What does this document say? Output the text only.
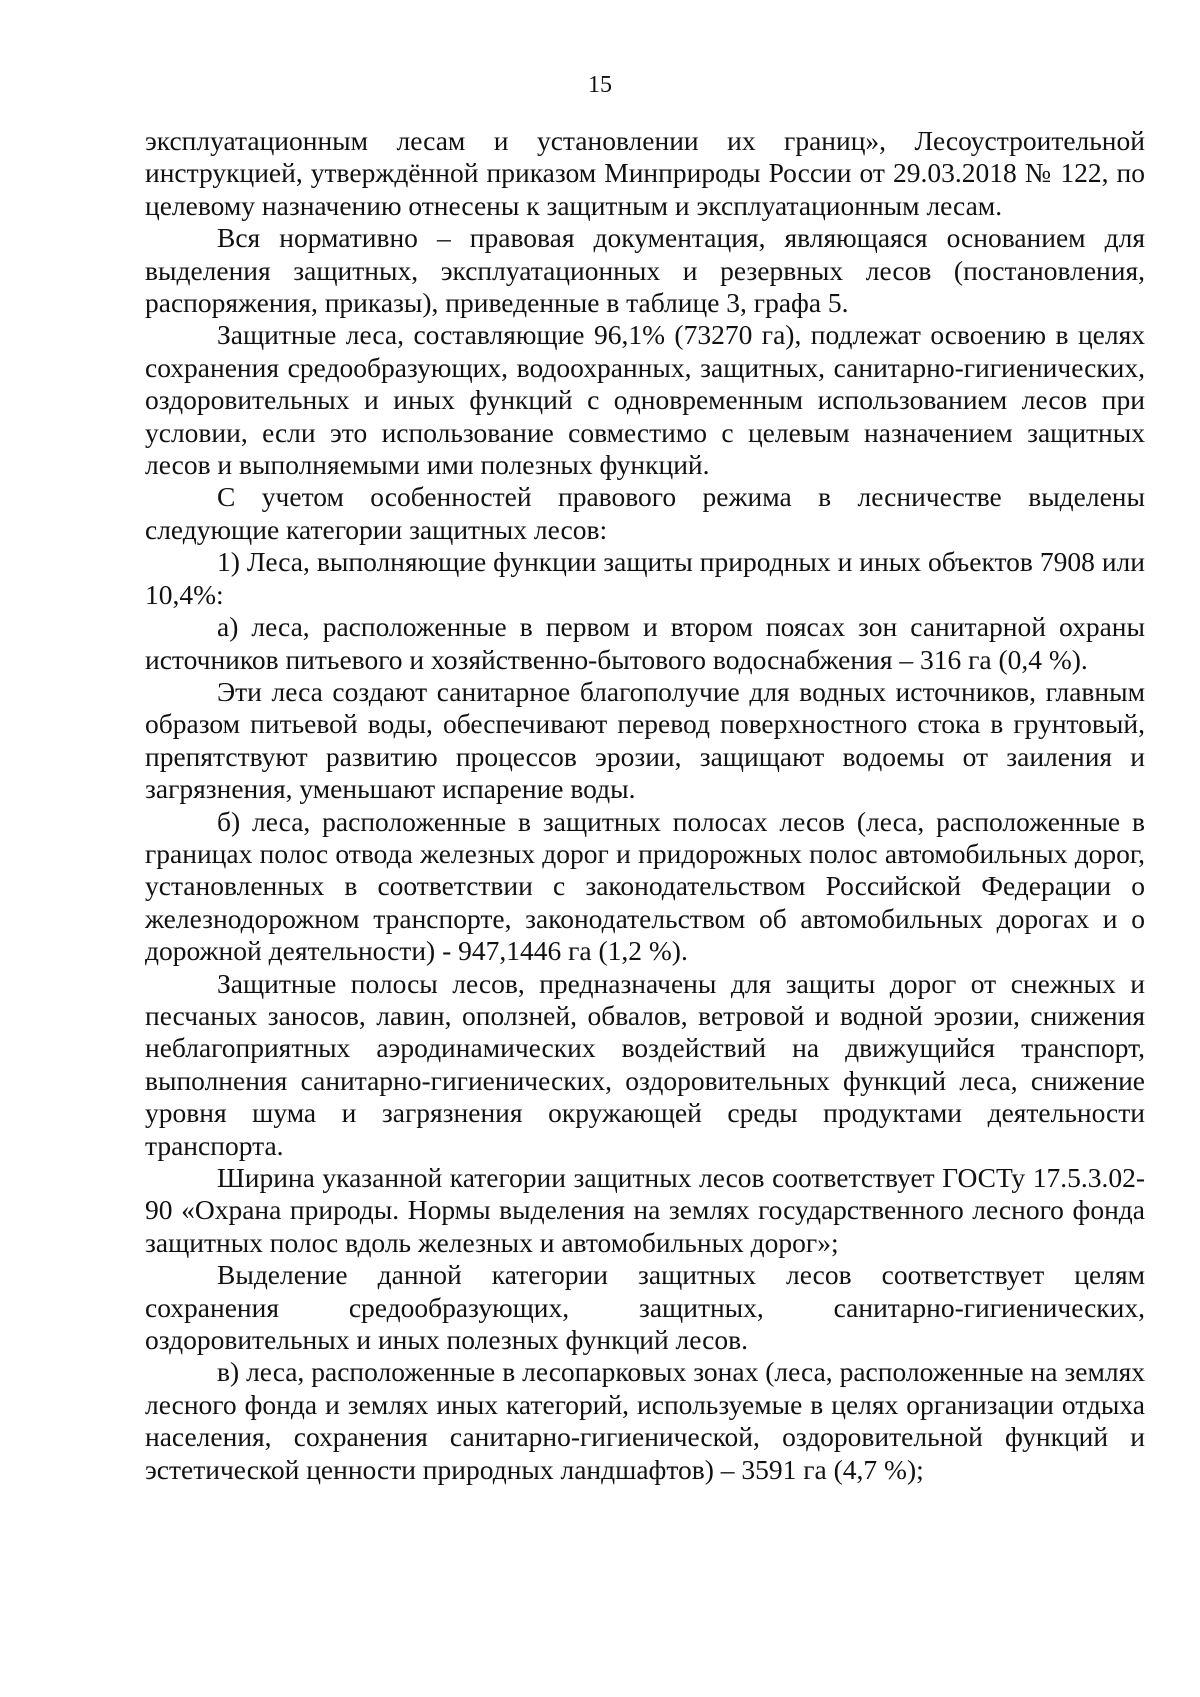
15

эксплуатационным лесам и установлении их границ», Лесоустроительной инструкцией, утверждённой приказом Минприроды России от 29.03.2018 № 122, по целевому назначению отнесены к защитным и эксплуатационным лесам.

Вся нормативно – правовая документация, являющаяся основанием для выделения защитных, эксплуатационных и резервных лесов (постановления, распоряжения, приказы), приведенные в таблице 3, графа 5.

Защитные леса, составляющие 96,1% (73270 га), подлежат освоению в целях сохранения средообразующих, водоохранных, защитных, санитарно-гигиенических, оздоровительных и иных функций с одновременным использованием лесов при условии, если это использование совместимо с целевым назначением защитных лесов и выполняемыми ими полезных функций.

С учетом особенностей правового режима в лесничестве выделены следующие категории защитных лесов:

1) Леса, выполняющие функции защиты природных и иных объектов 7908 или 10,4%:

а) леса, расположенные в первом и втором поясах зон санитарной охраны источников питьевого и хозяйственно-бытового водоснабжения – 316 га (0,4 %).

Эти леса создают санитарное благополучие для водных источников, главным образом питьевой воды, обеспечивают перевод поверхностного стока в грунтовый, препятствуют развитию процессов эрозии, защищают водоемы от заиления и загрязнения, уменьшают испарение воды.

б) леса, расположенные в защитных полосах лесов (леса, расположенные в границах полос отвода железных дорог и придорожных полос автомобильных дорог, установленных в соответствии с законодательством Российской Федерации о железнодорожном транспорте, законодательством об автомобильных дорогах и о дорожной деятельности) - 947,1446 га (1,2 %).

Защитные полосы лесов, предназначены для защиты дорог от снежных и песчаных заносов, лавин, оползней, обвалов, ветровой и водной эрозии, снижения неблагоприятных аэродинамических воздействий на движущийся транспорт, выполнения санитарно-гигиенических, оздоровительных функций леса, снижение уровня шума и загрязнения окружающей среды продуктами деятельности транспорта.

Ширина указанной категории защитных лесов соответствует ГОСТу 17.5.3.02-90 «Охрана природы. Нормы выделения на землях государственного лесного фонда защитных полос вдоль железных и автомобильных дорог»;

Выделение данной категории защитных лесов соответствует целям сохранения средообразующих, защитных, санитарно-гигиенических, оздоровительных и иных полезных функций лесов.

в) леса, расположенные в лесопарковых зонах (леса, расположенные на землях лесного фонда и землях иных категорий, используемые в целях организации отдыха населения, сохранения санитарно-гигиенической, оздоровительной функций и эстетической ценности природных ландшафтов) – 3591 га (4,7 %);
